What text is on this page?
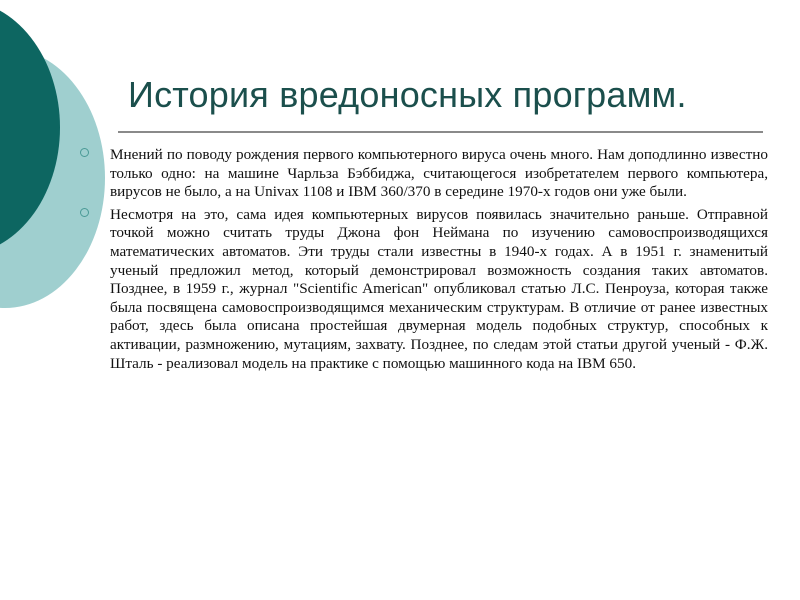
История вредоносных программ.

Мнений по поводу рождения первого компьютерного вируса очень много. Нам доподлинно известно только одно: на машине Чарльза Бэббиджа, считающегося изобретателем первого компьютера, вирусов не было, а на Univax 1108 и IBM 360/370 в середине 1970-х годов они уже были.

Несмотря на это, сама идея компьютерных вирусов появилась значительно раньше. Отправной точкой можно считать труды Джона фон Неймана по изучению самовоспроизводящихся математических автоматов. Эти труды стали известны в 1940-х годах. А в 1951 г. знаменитый ученый предложил метод, который демонстрировал возможность создания таких автоматов. Позднее, в 1959 г., журнал "Scientific American" опубликовал статью Л.С. Пенроуза, которая также была посвящена самовоспроизводящимся механическим структурам. В отличие от ранее известных работ, здесь была описана простейшая двумерная модель подобных структур, способных к активации, размножению, мутациям, захвату. Позднее, по следам этой статьи другой ученый - Ф.Ж. Шталь - реализовал модель на практике с помощью машинного кода на IBM 650.
